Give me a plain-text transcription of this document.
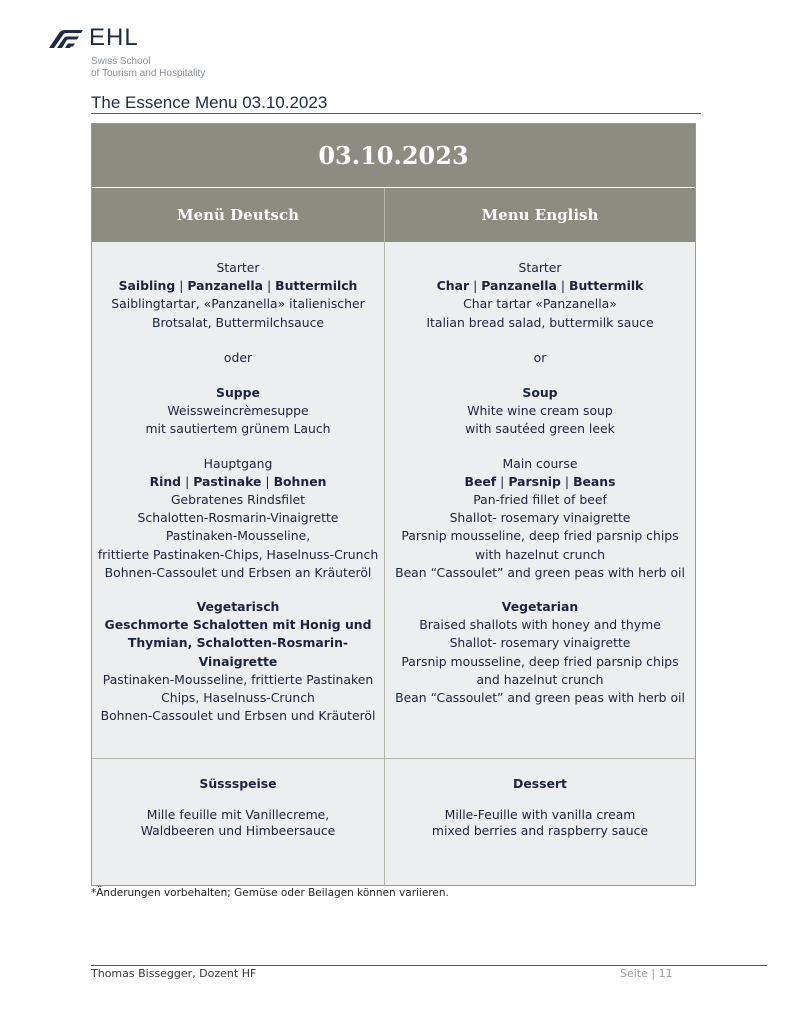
EHL
Swiss School
of Tourism and Hospitality
The Essence Menu 03.10.2023
03.10.2023
Menü Deutsch	Menu English
Starter
Saibling | Panzanella | Buttermilch
Saiblingtartar, «Panzanella» italienischer
Brotsalat, Buttermilchsauce
oder
Suppe
Weissweincrèmesuppe
mit sautiertem grünem Lauch
Hauptgang
Rind | Pastinake | Bohnen
Gebratenes Rindsfilet
Schalotten-Rosmarin-Vinaigrette
Pastinaken-Mousseline,
frittierte Pastinaken-Chips, Haselnuss-Crunch
Bohnen-Cassoulet und Erbsen an Kräuteröl
Vegetarisch
Geschmorte Schalotten mit Honig und
Thymian, Schalotten-Rosmarin-Vinaigrette
Pastinaken-Mousseline, frittierte Pastinaken
Chips, Haselnuss-Crunch
Bohnen-Cassoulet und Erbsen und Kräuteröl
Starter
Char | Panzanella | Buttermilk
Char tartar «Panzanella»
Italian bread salad, buttermilk sauce
or
Soup
White wine cream soup
with sautéed green leek
Main course
Beef | Parsnip | Beans
Pan-fried fillet of beef
Shallot- rosemary vinaigrette
Parsnip mousseline, deep fried parsnip chips
with hazelnut crunch
Bean “Cassoulet” and green peas with herb oil
Vegetarian
Braised shallots with honey and thyme
Shallot- rosemary vinaigrette
Parsnip mousseline, deep fried parsnip chips
and hazelnut crunch
Bean “Cassoulet” and green peas with herb oil
Süssspeise
Mille feuille mit Vanillecreme,
Waldbeeren und Himbeersauce
Dessert
Mille-Feuille with vanilla cream
mixed berries and raspberry sauce
*Änderungen vorbehalten; Gemüse oder Beilagen können variieren.
Thomas Bissegger, Dozent HF	Seite | 11
